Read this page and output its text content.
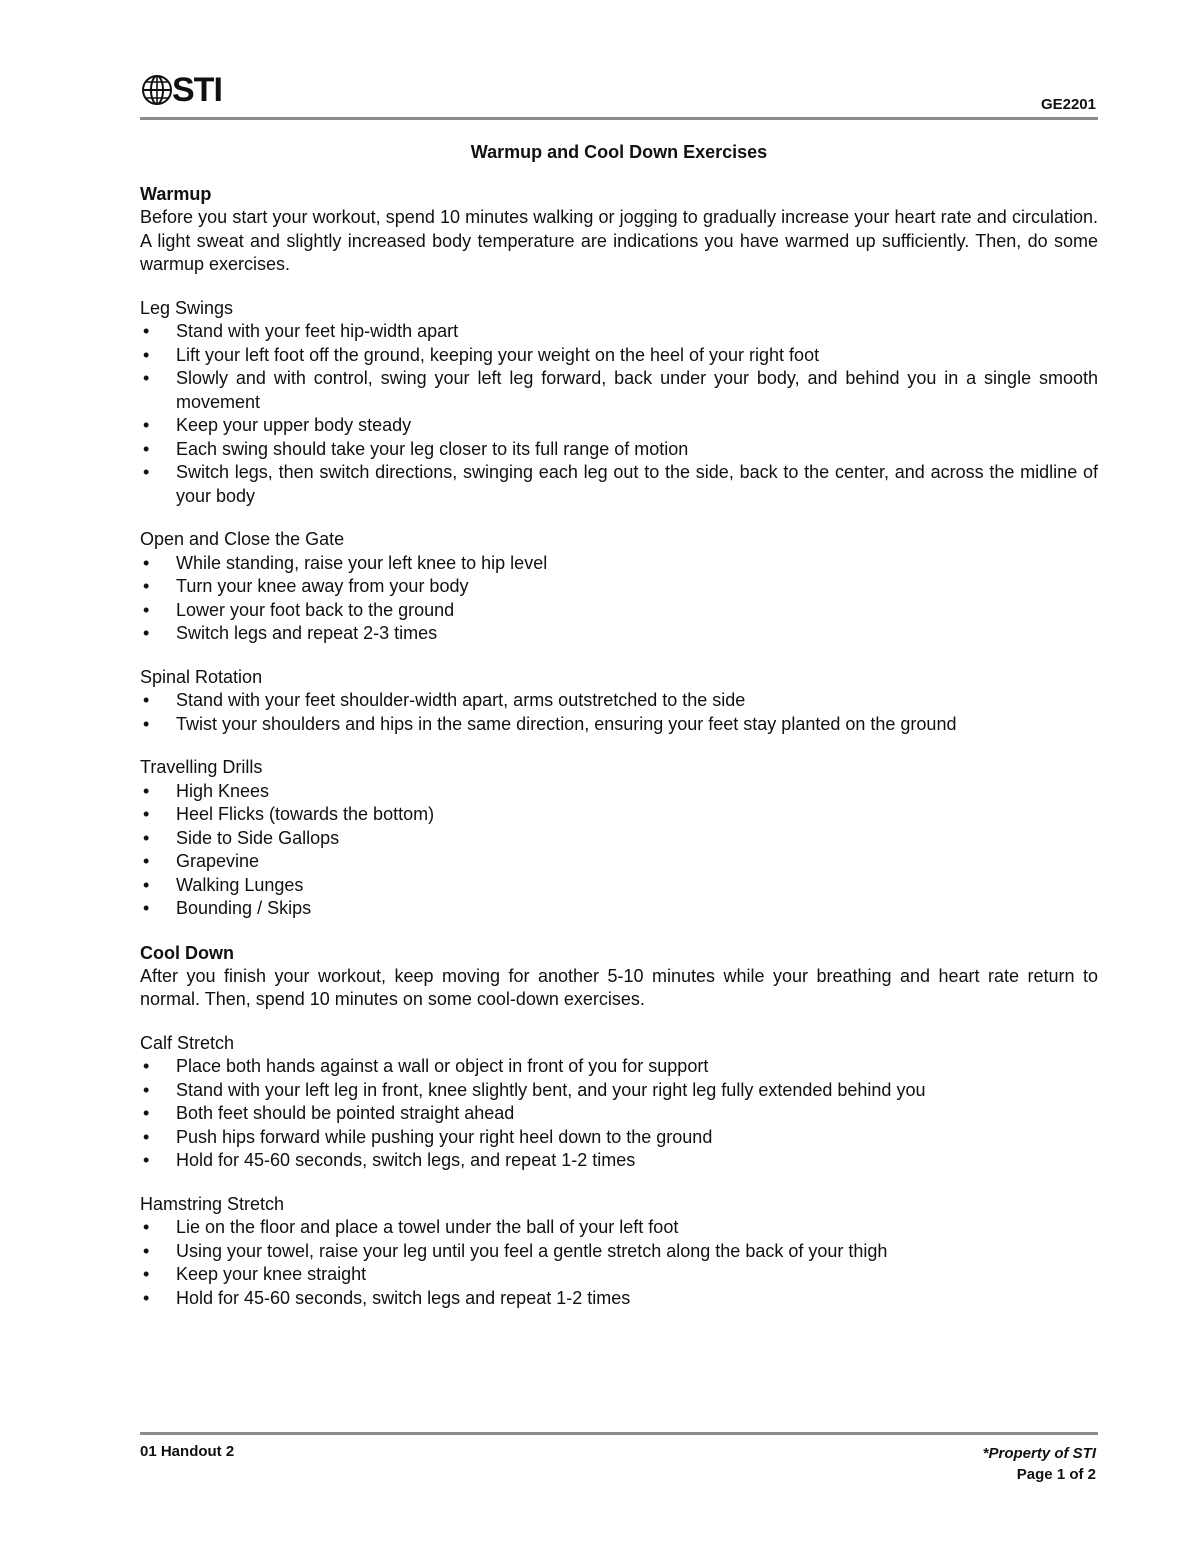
STI	GE2201
Warmup and Cool Down Exercises
Warmup

Before you start your workout, spend 10 minutes walking or jogging to gradually increase your heart rate and circulation. A light sweat and slightly increased body temperature are indications you have warmed up sufficiently. Then, do some warmup exercises.

Leg Swings
• Stand with your feet hip-width apart
• Lift your left foot off the ground, keeping your weight on the heel of your right foot
• Slowly and with control, swing your left leg forward, back under your body, and behind you in a single smooth movement
• Keep your upper body steady
• Each swing should take your leg closer to its full range of motion
• Switch legs, then switch directions, swinging each leg out to the side, back to the center, and across the midline of your body
Open and Close the Gate
• While standing, raise your left knee to hip level
• Turn your knee away from your body
• Lower your foot back to the ground
• Switch legs and repeat 2-3 times
Spinal Rotation
• Stand with your feet shoulder-width apart, arms outstretched to the side
• Twist your shoulders and hips in the same direction, ensuring your feet stay planted on the ground
Travelling Drills
• High Knees
• Heel Flicks (towards the bottom)
• Side to Side Gallops
• Grapevine
• Walking Lunges
• Bounding / Skips
Cool Down

After you finish your workout, keep moving for another 5-10 minutes while your breathing and heart rate return to normal. Then, spend 10 minutes on some cool-down exercises.

Calf Stretch
• Place both hands against a wall or object in front of you for support
• Stand with your left leg in front, knee slightly bent, and your right leg fully extended behind you
• Both feet should be pointed straight ahead
• Push hips forward while pushing your right heel down to the ground
• Hold for 45-60 seconds, switch legs, and repeat 1-2 times
Hamstring Stretch
• Lie on the floor and place a towel under the ball of your left foot
• Using your towel, raise your leg until you feel a gentle stretch along the back of your thigh
• Keep your knee straight
• Hold for 45-60 seconds, switch legs and repeat 1-2 times
01 Handout 2	*Property of STI
Page 1 of 2
